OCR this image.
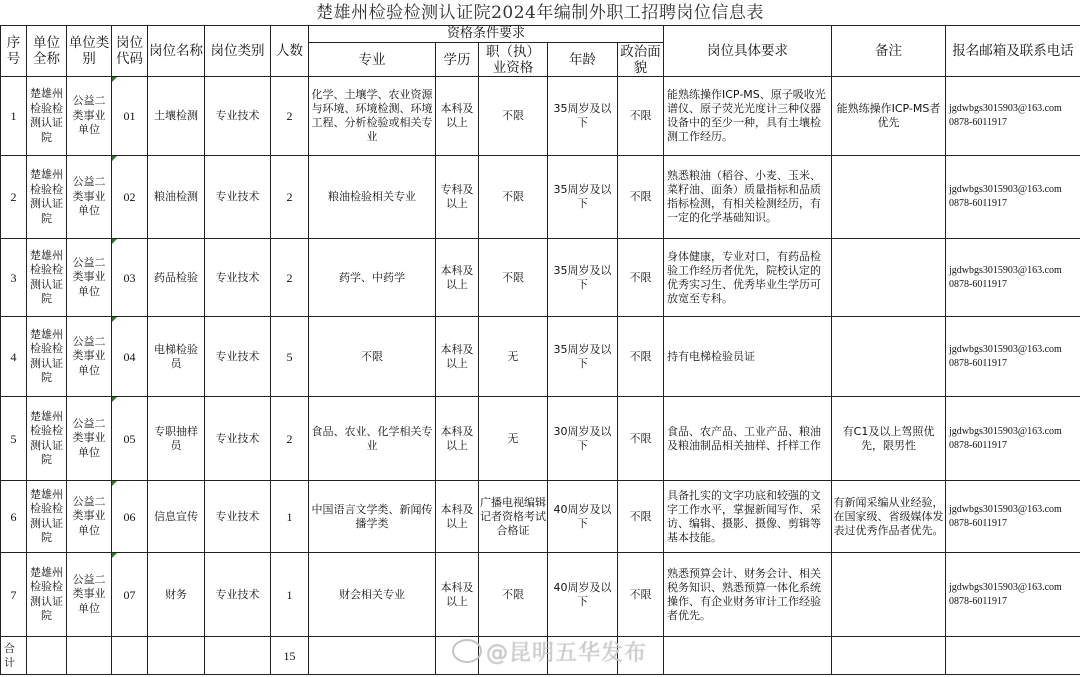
楚雄州检验检测认证院2024年编制外职工招聘岗位信息表
序号	单位全称	单位类别	岗位代码	岗位名称	岗位类别	人数	资格条件要求					岗位具体要求	备注	报名邮箱及联系电话
							专业	学历	职（执）业资格	年龄	政治面貌			
1	楚雄州检验检测认证院	公益二类事业单位	01	土壤检测	专业技术	2	化学、土壤学、农业资源与环境、环境检测、环境工程、分析检验或相关专业	本科及以上	不限	35周岁及以下	不限	能熟练操作ICP-MS、原子吸收光谱仪、原子荧光光度计三种仪器设备中的至少一种，具有土壤检测工作经历。	能熟练操作ICP-MS者优先	jgdwbgs3015903@163.com
0878-6011917

2	楚雄州检验检测认证院	公益二类事业单位	02	粮油检测	专业技术	2	粮油检验相关专业	专科及以上	不限	35周岁及以下	不限	熟悉粮油（稻谷、小麦、玉米、菜籽油、面条）质量指标和品质指标检测，有相关检测经历，有一定的化学基础知识。		jgdwbgs3015903@163.com
0878-6011917

3	楚雄州检验检测认证院	公益二类事业单位	03	药品检验	专业技术	2	药学、中药学	本科及以上	不限	35周岁及以下	不限	身体健康，专业对口，有药品检验工作经历者优先，院校认定的优秀实习生、优秀毕业生学历可放宽至专科。		jgdwbgs3015903@163.com
0878-6011917

4	楚雄州检验检测认证院	公益二类事业单位	04	电梯检验员	专业技术	5	不限	本科及以上	无	35周岁及以下	不限	持有电梯检验员证		jgdwbgs3015903@163.com
0878-6011917

5	楚雄州检验检测认证院	公益二类事业单位	05	专职抽样员	专业技术	2	食品、农业、化学相关专业	本科及以上	无	30周岁及以下	不限	食品、农产品、工业产品、粮油及粮油制品相关抽样、扦样工作	有C1及以上驾照优先，限男性	jgdwbgs3015903@163.com
0878-6011917

6	楚雄州检验检测认证院	公益二类事业单位	06	信息宣传	专业技术	1	中国语言文学类、新闻传播学类	本科及以上	广播电视编辑记者资格考试合格证	40周岁及以下	不限	具备扎实的文字功底和较强的文字工作水平，掌握新闻写作、采访、编辑、摄影、摄像、剪辑等基本技能。	有新闻采编从业经验，在国家级、省级媒体发表过优秀作品者优先。	jgdwbgs3015903@163.com
0878-6011917

7	楚雄州检验检测认证院	公益二类事业单位	07	财务	专业技术	1	财会相关专业	本科及以上	不限	40周岁及以下	不限	熟悉预算会计、财务会计、相关税务知识、熟悉预算一体化系统操作、有企业财务审计工作经验者优先。		jgdwbgs3015903@163.com
0878-6011917

合计						15									@昆明五华发布
